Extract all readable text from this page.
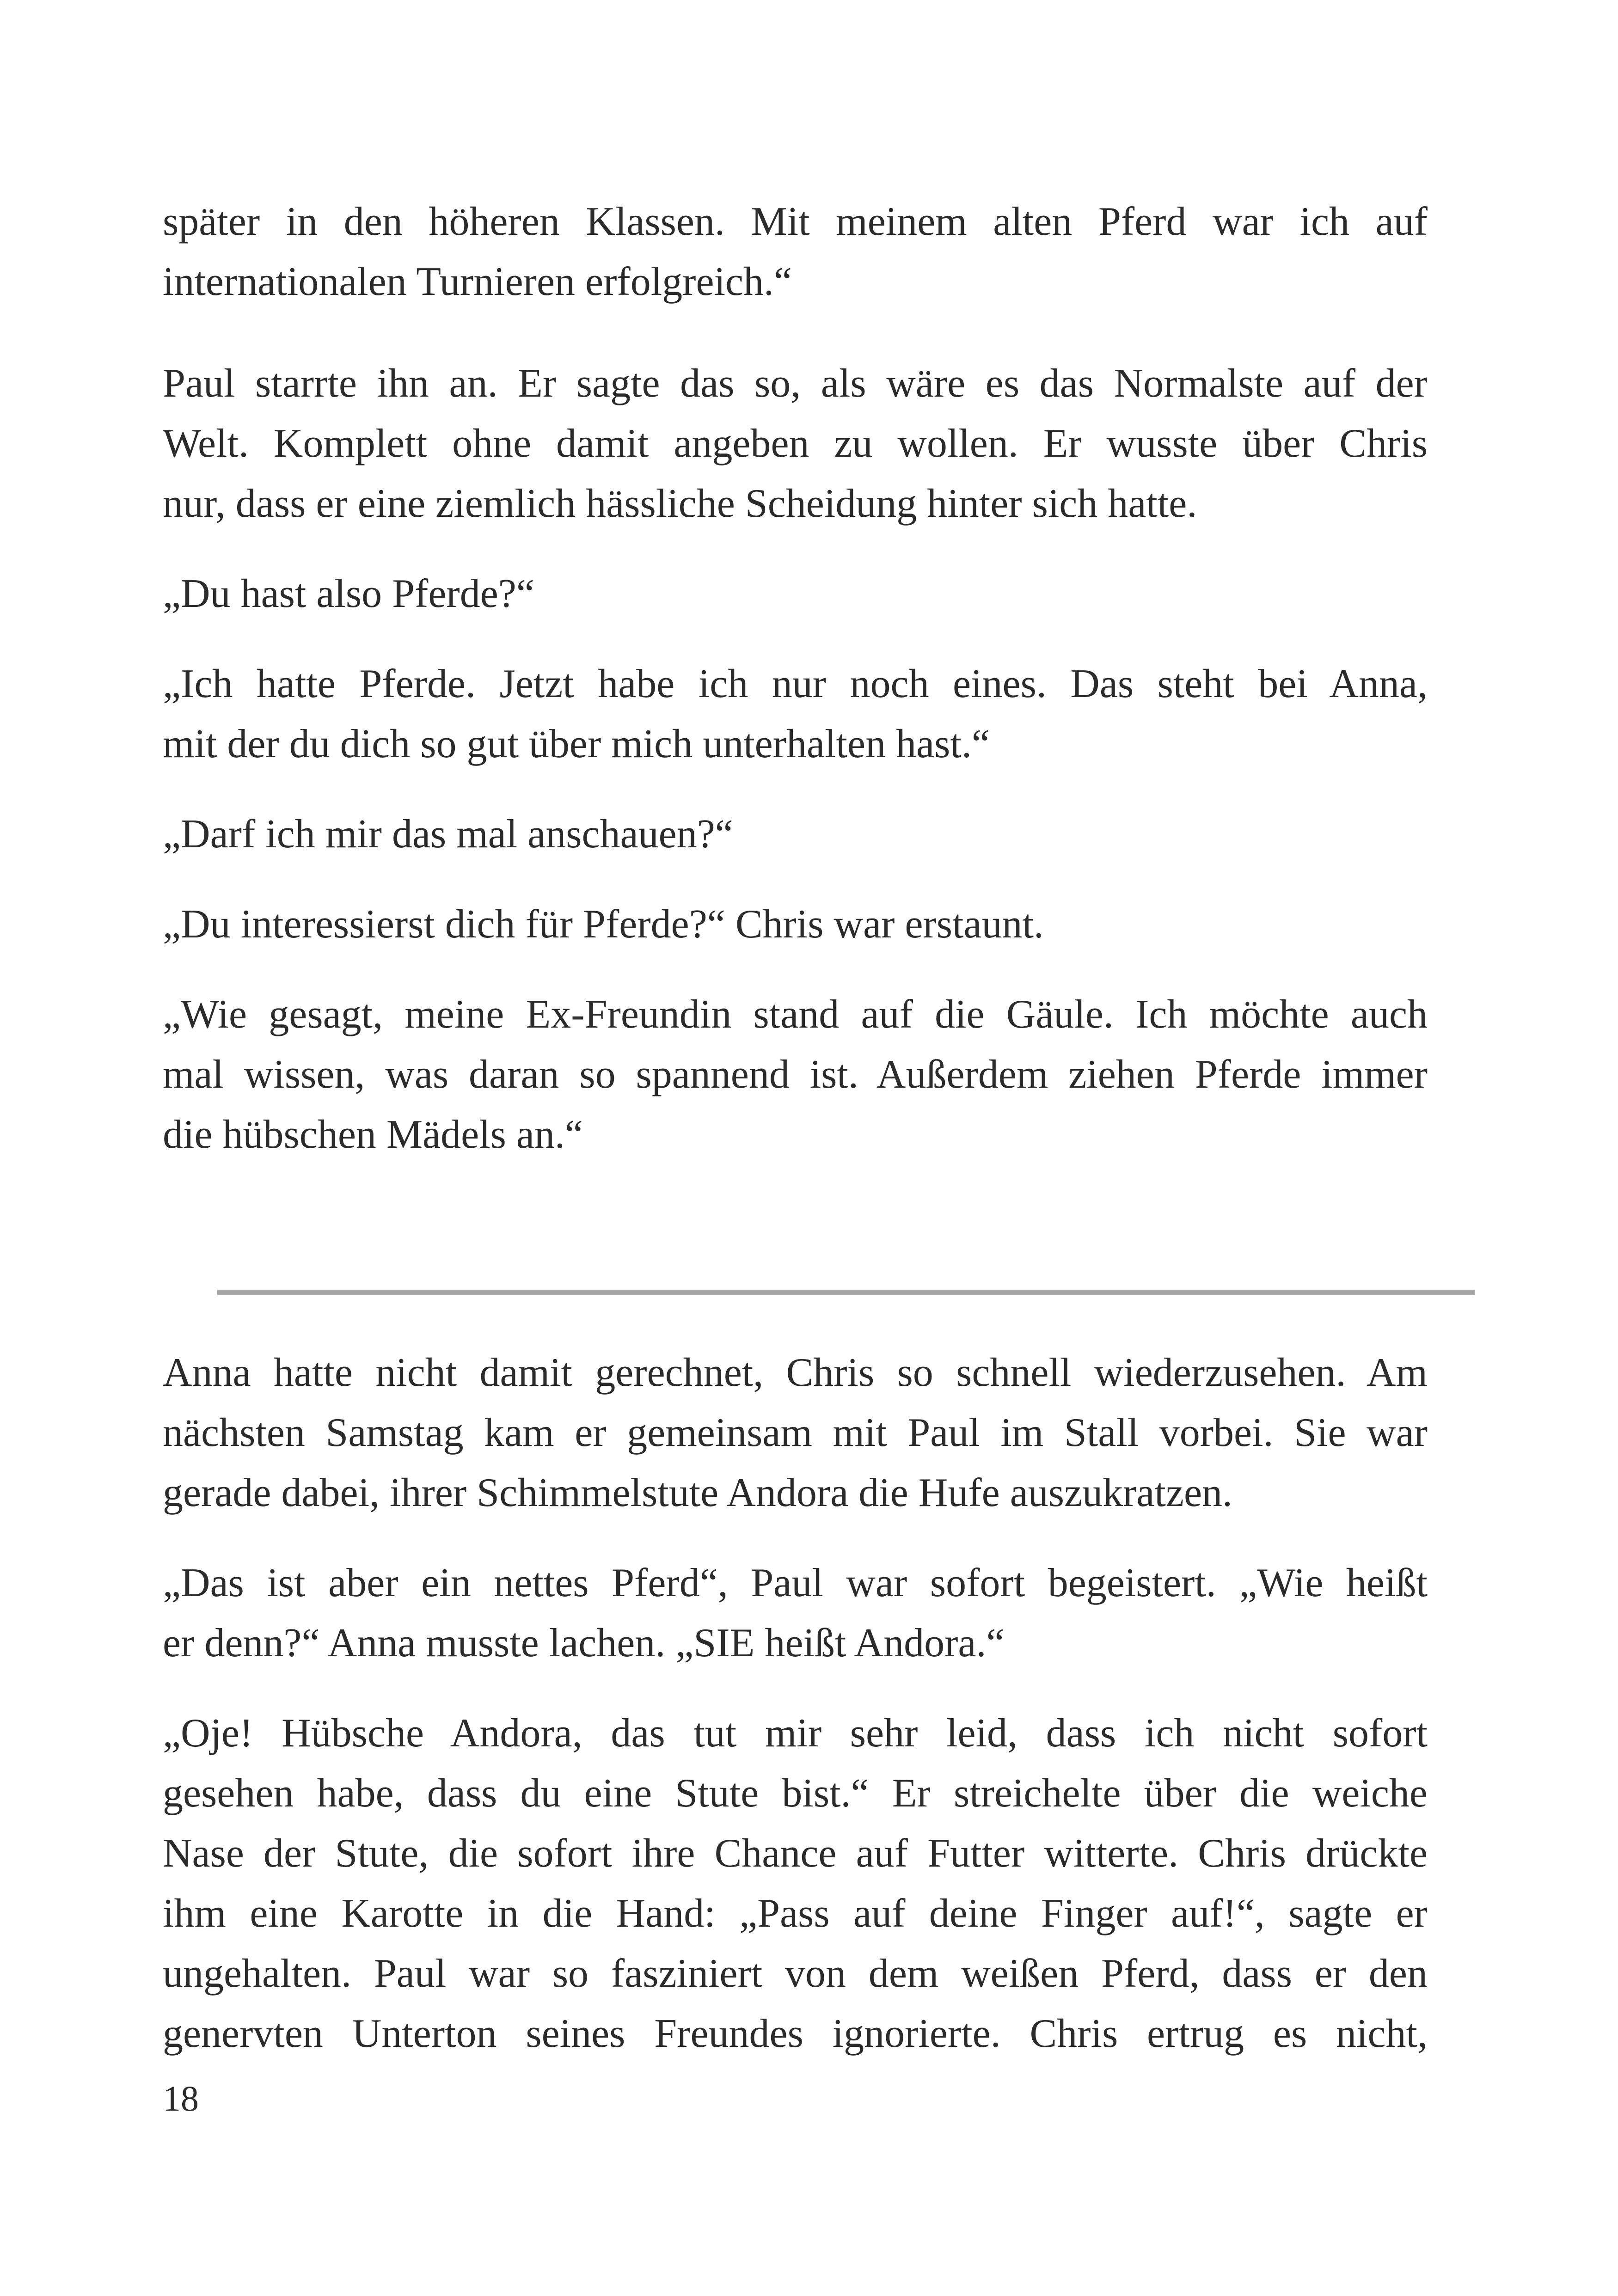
später in den höheren Klassen. Mit meinem alten Pferd war ich auf
internationalen Turnieren erfolgreich.“

Paul starrte ihn an. Er sagte das so, als wäre es das Normalste auf der
Welt. Komplett ohne damit angeben zu wollen. Er wusste über Chris
nur, dass er eine ziemlich hässliche Scheidung hinter sich hatte.

„Du hast also Pferde?“

„Ich hatte Pferde. Jetzt habe ich nur noch eines. Das steht bei Anna,
mit der du dich so gut über mich unterhalten hast.“

„Darf ich mir das mal anschauen?“

„Du interessierst dich für Pferde?“ Chris war erstaunt.

„Wie gesagt, meine Ex-Freundin stand auf die Gäule. Ich möchte auch
mal wissen, was daran so spannend ist. Außerdem ziehen Pferde immer
die hübschen Mädels an.“

Anna hatte nicht damit gerechnet, Chris so schnell wiederzusehen. Am
nächsten Samstag kam er gemeinsam mit Paul im Stall vorbei. Sie war
gerade dabei, ihrer Schimmelstute Andora die Hufe auszukratzen.

„Das ist aber ein nettes Pferd“, Paul war sofort begeistert. „Wie heißt
er denn?“ Anna musste lachen. „SIE heißt Andora.“

„Oje! Hübsche Andora, das tut mir sehr leid, dass ich nicht sofort
gesehen habe, dass du eine Stute bist.“ Er streichelte über die weiche
Nase der Stute, die sofort ihre Chance auf Futter witterte. Chris drückte
ihm eine Karotte in die Hand: „Pass auf deine Finger auf!“, sagte er
ungehalten. Paul war so fasziniert von dem weißen Pferd, dass er den
genervten Unterton seines Freundes ignorierte. Chris ertrug es nicht,

18
